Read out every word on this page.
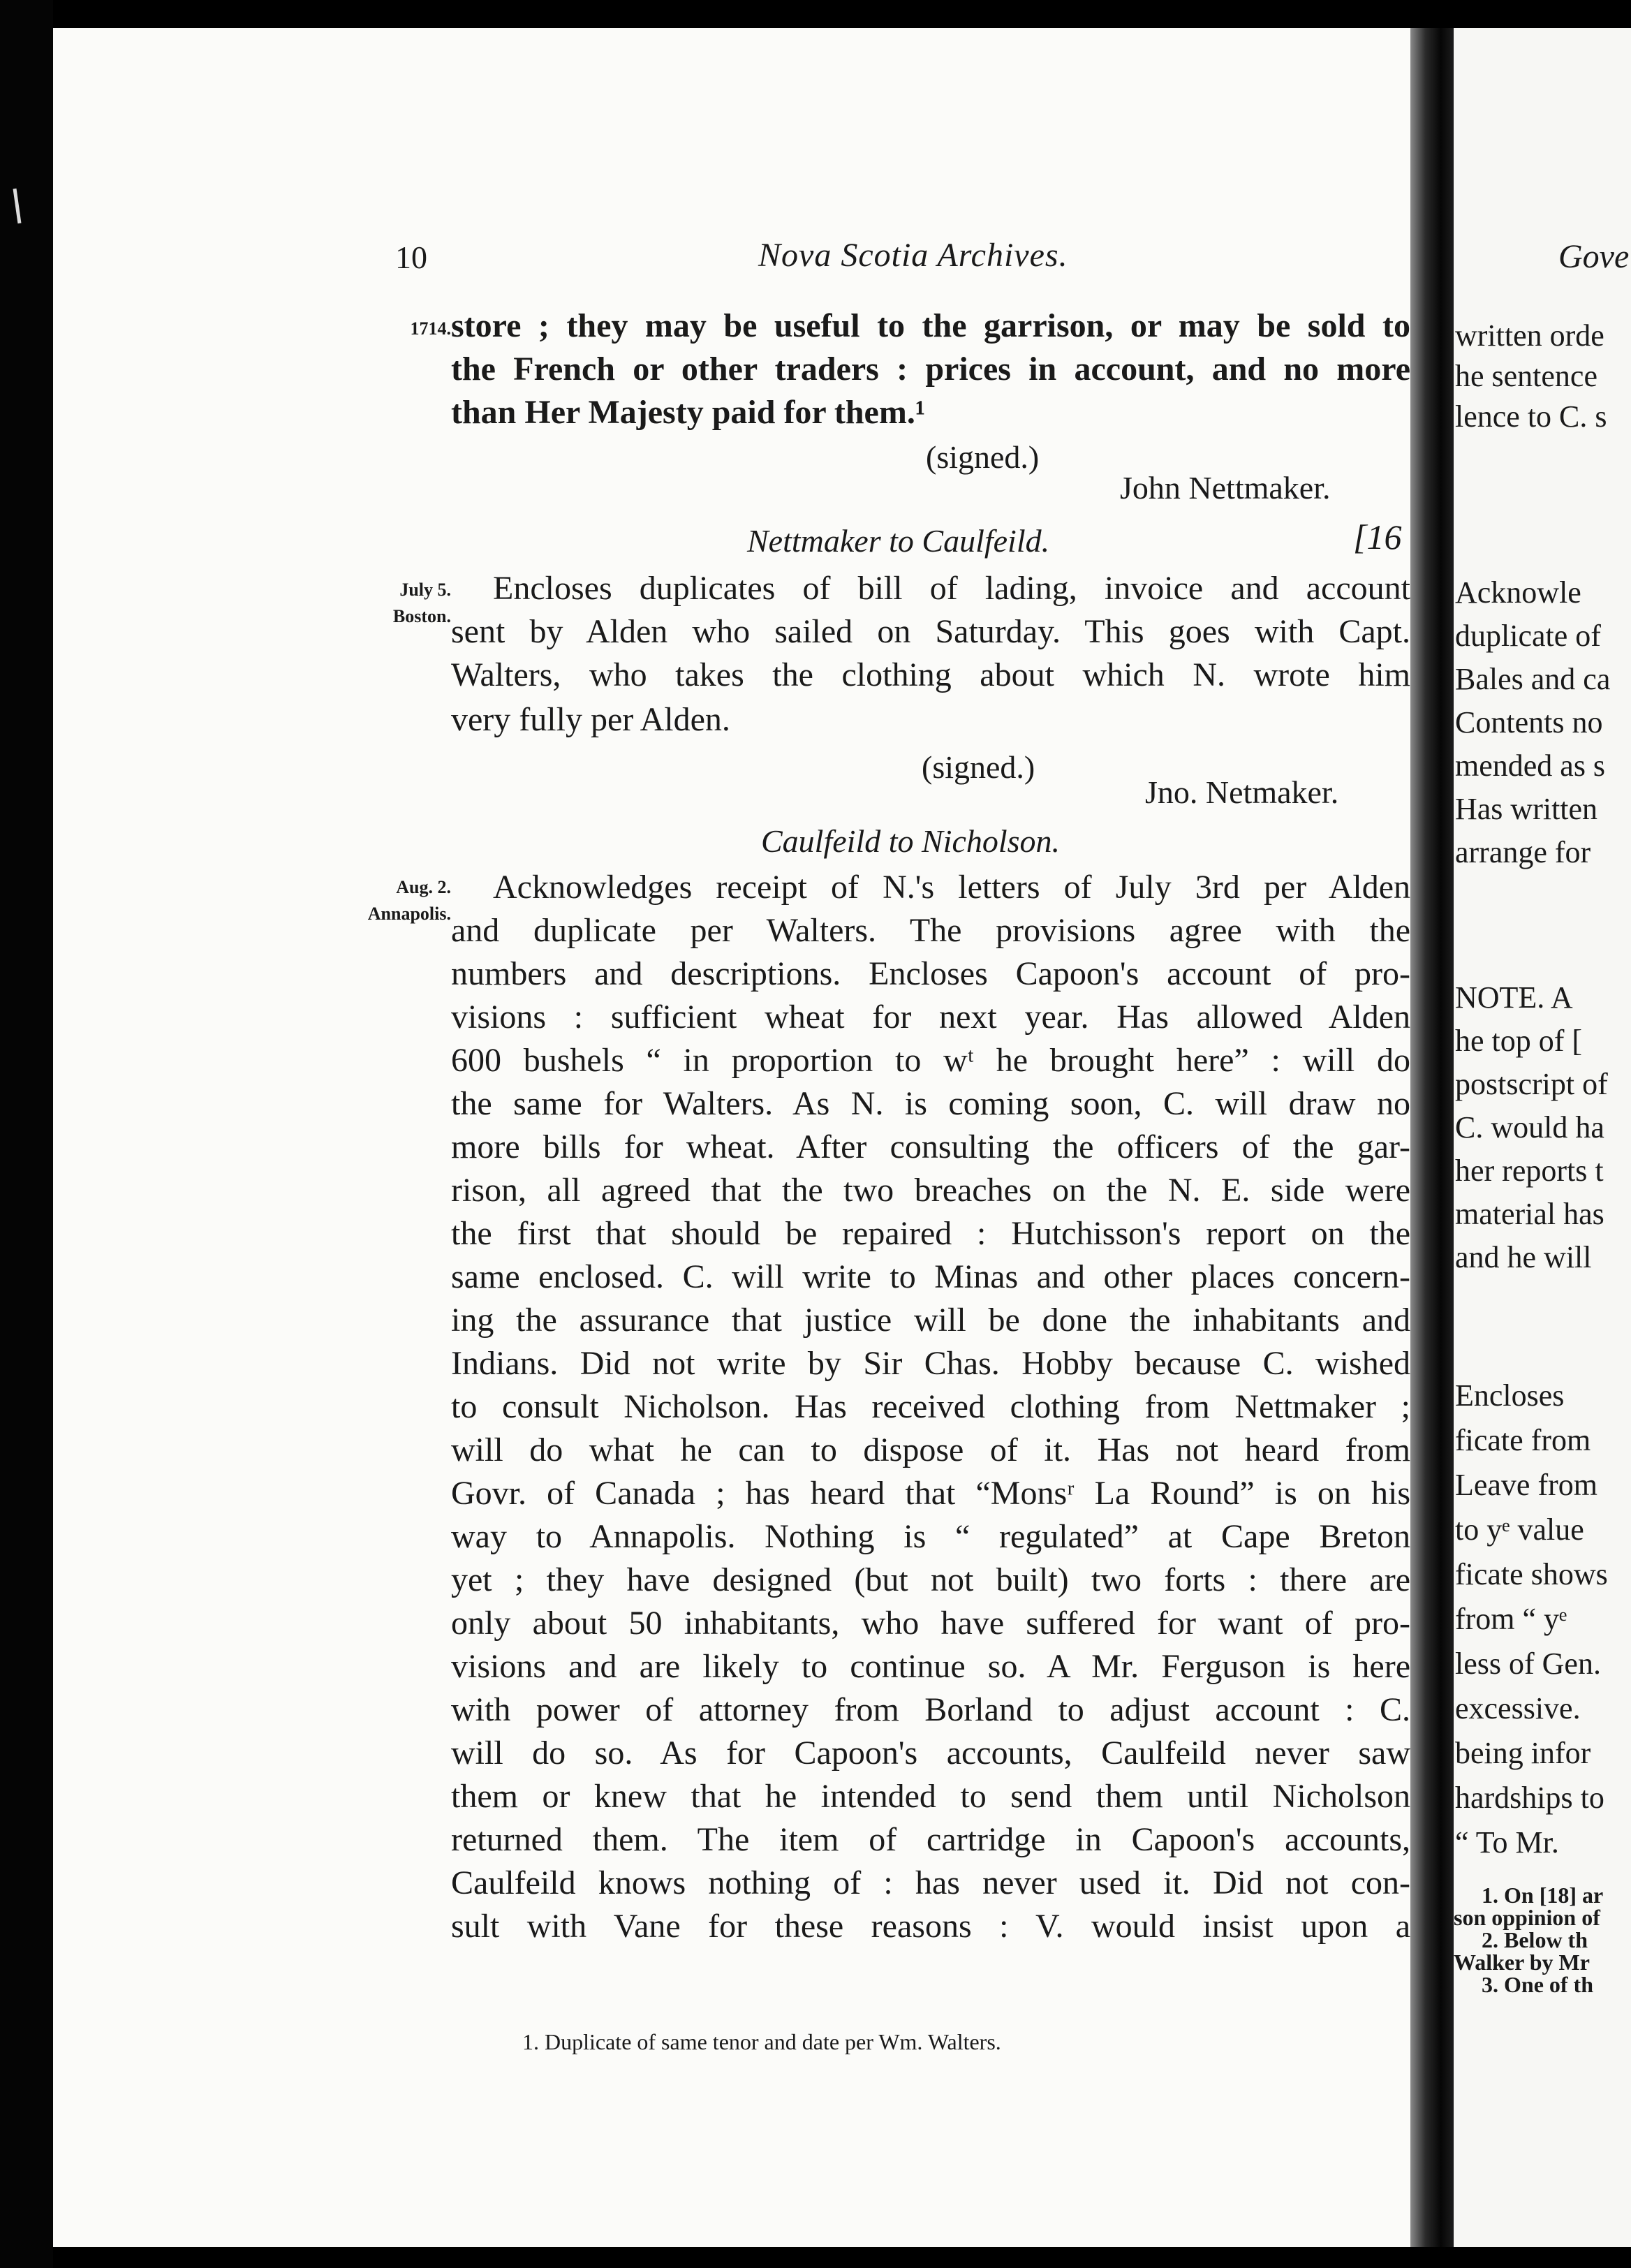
10	Nova Scotia Archives.
1714. store ; they may be useful to the garrison, or may be sold to
the French or other traders : prices in account, and no more
than Her Majesty paid for them.¹
(signed.)
John Nettmaker.
Nettmaker to Caulfeild.	[16
July 5.
Boston.
Encloses duplicates of bill of lading, invoice and account
sent by Alden who sailed on Saturday. This goes with Capt.
Walters, who takes the clothing about which N. wrote him
very fully per Alden.
(signed.)
Jno. Netmaker.
Caulfeild to Nicholson.
Aug. 2.
Annapolis.
Acknowledges receipt of N.'s letters of July 3rd per Alden
and duplicate per Walters. The provisions agree with the
numbers and descriptions. Encloses Capoon's account of pro-
visions : sufficient wheat for next year. Has allowed Alden
600 bushels “ in proportion to wᵗ he brought here” : will do
the same for Walters. As N. is coming soon, C. will draw no
more bills for wheat. After consulting the officers of the gar-
rison, all agreed that the two breaches on the N. E. side were
the first that should be repaired : Hutchisson's report on the
same enclosed. C. will write to Minas and other places concern-
ing the assurance that justice will be done the inhabitants and
Indians. Did not write by Sir Chas. Hobby because C. wished
to consult Nicholson. Has received clothing from Nettmaker ;
will do what he can to dispose of it. Has not heard from
Govr. of Canada ; has heard that “Monsʳ La Round” is on his
way to Annapolis. Nothing is “ regulated” at Cape Breton
yet ; they have designed (but not built) two forts : there are
only about 50 inhabitants, who have suffered for want of pro-
visions and are likely to continue so. A Mr. Ferguson is here
with power of attorney from Borland to adjust account : C.
will do so. As for Capoon's accounts, Caulfeild never saw
them or knew that he intended to send them until Nicholson
returned them. The item of cartridge in Capoon's accounts,
Caulfeild knows nothing of : has never used it. Did not con-
sult with Vane for these reasons : V. would insist upon a
1. Duplicate of same tenor and date per Wm. Walters.
Gove
written orde
he sentence
lence to C. s
Acknowle
duplicate of
Bales and ca
Contents no
mended as s
Has written
arrange for
NOTE. A
he top of [
postscript of
C. would ha
her reports t
material has
and he will
Encloses
ficate from
Leave from
to yᵉ value
ficate shows
from “ yᵉ
less of Gen.
excessive.
being infor
hardships to
“ To Mr.
1. On [18] ar
son oppinion of
2. Below th
Walker by Mr
3. One of th
